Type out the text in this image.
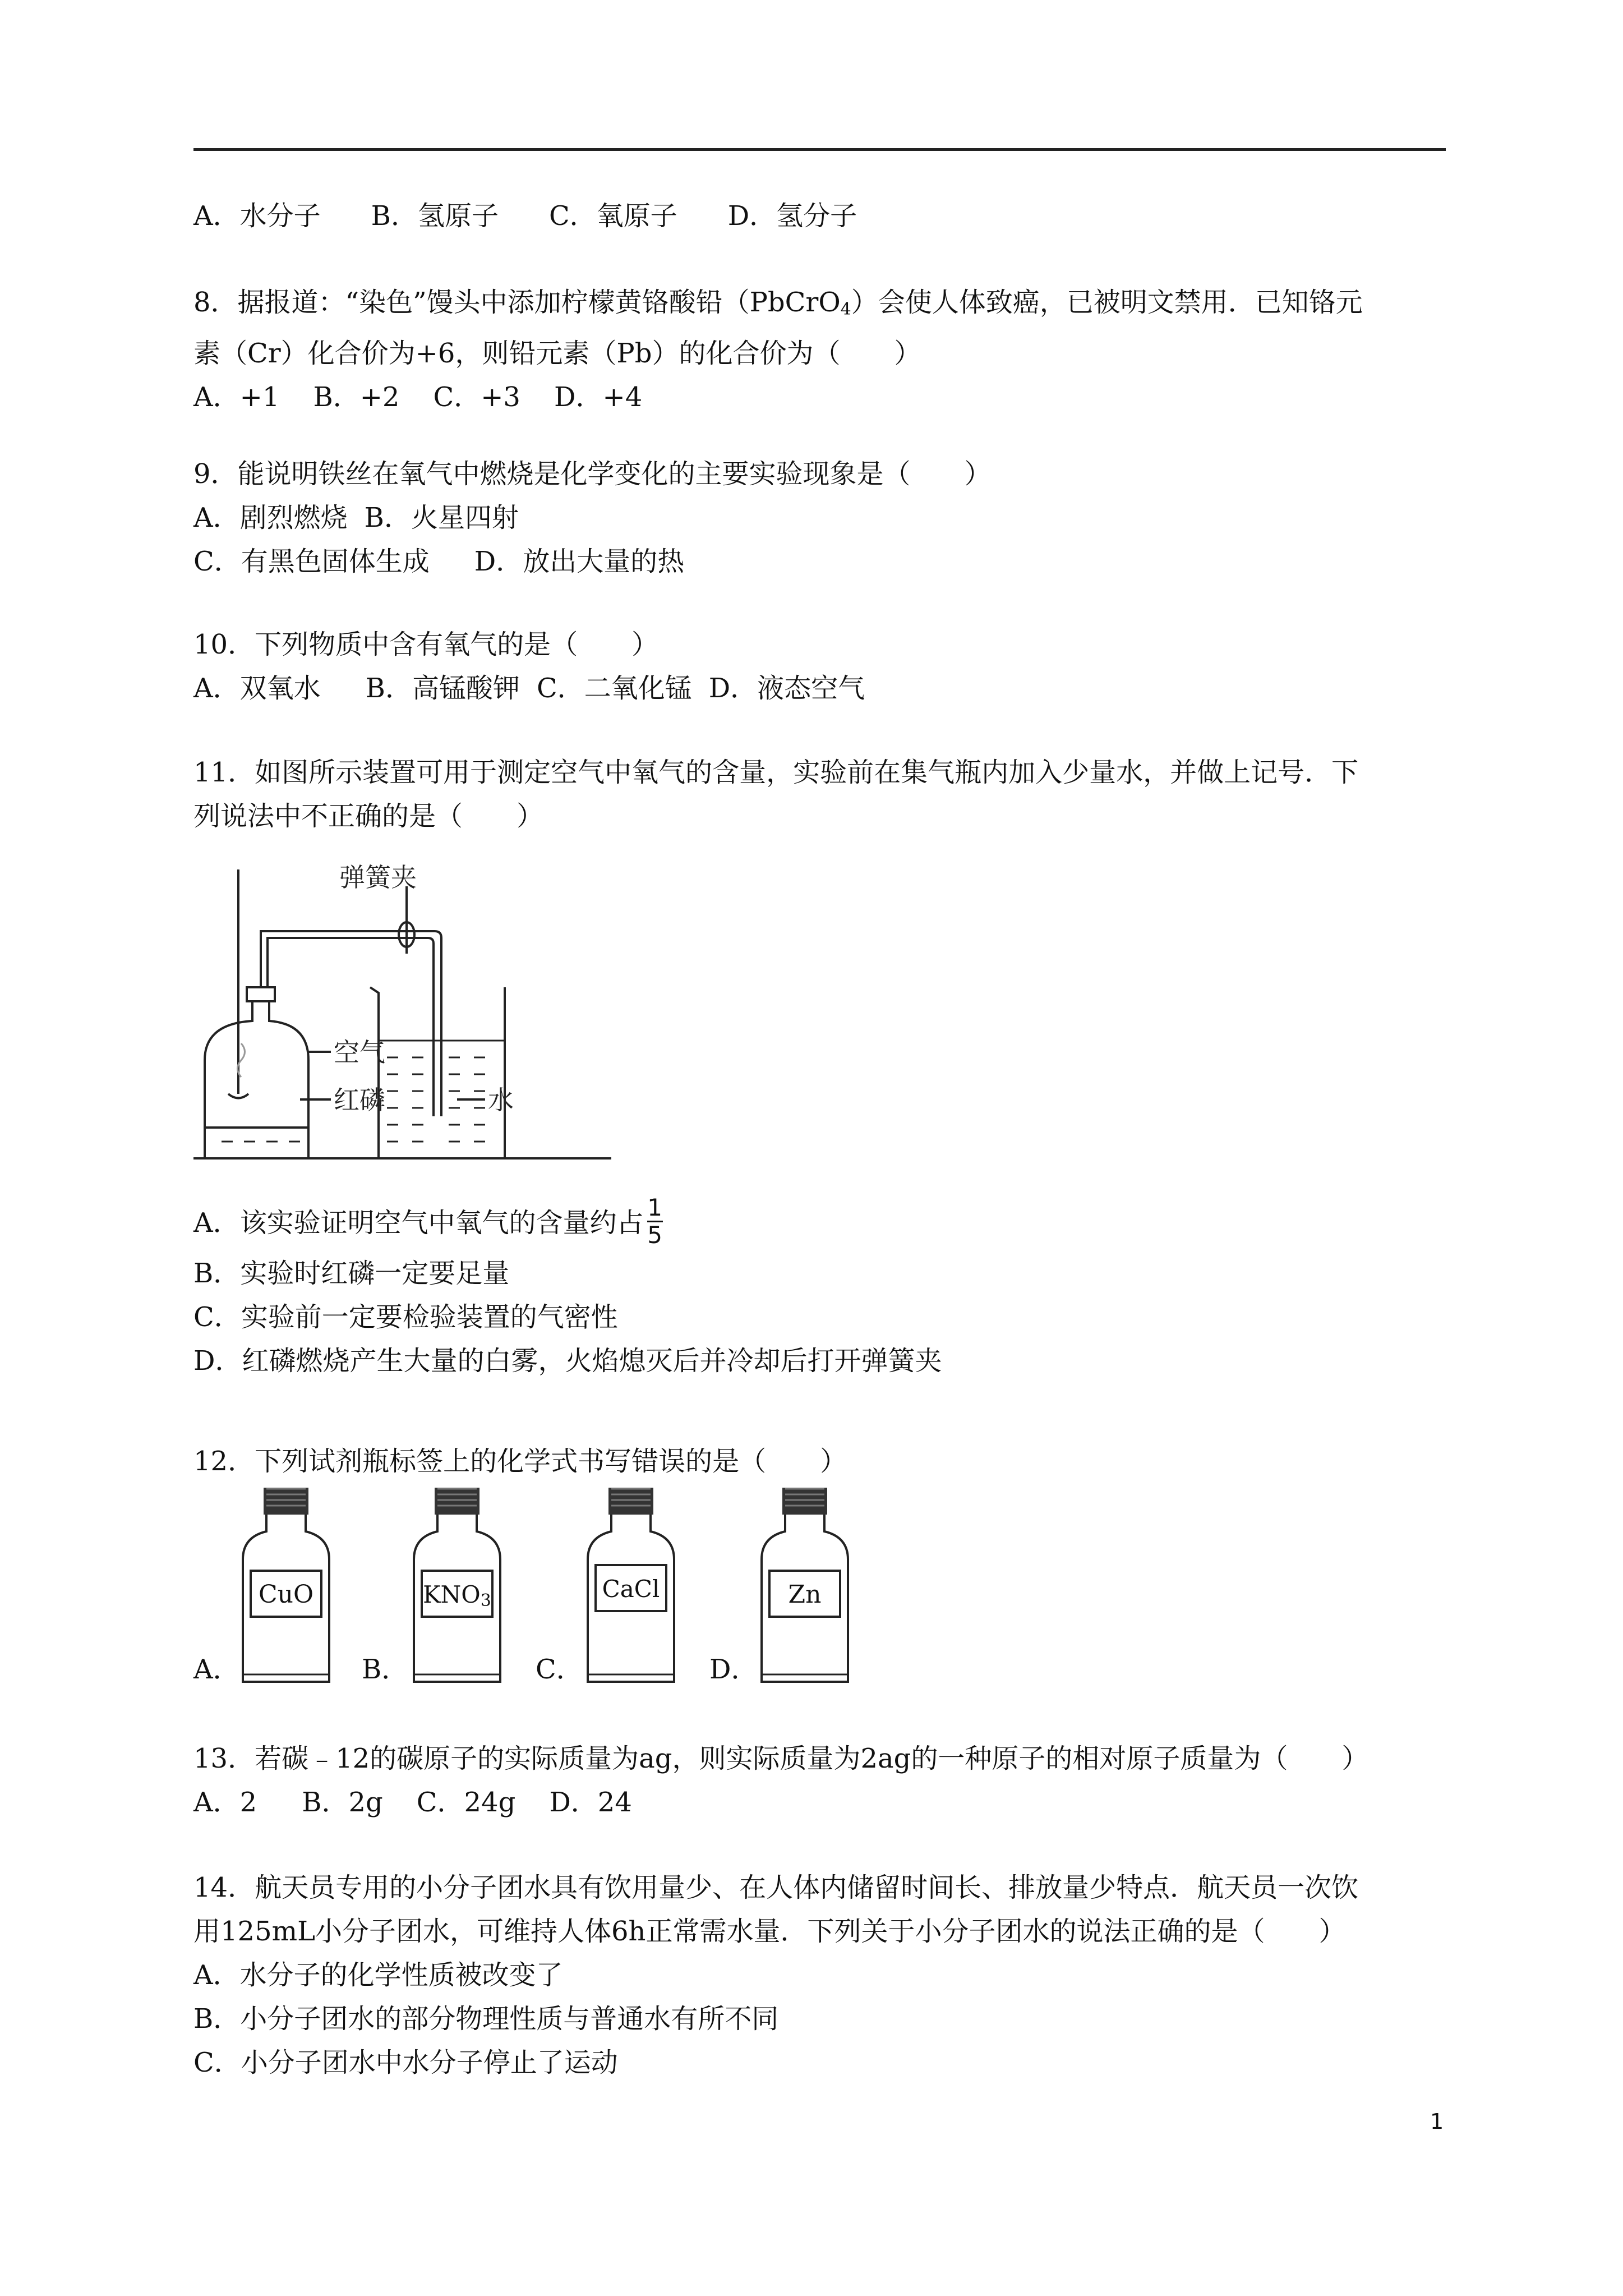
A．水分子 B．氢原子 C．氧原子 D．氢分子
8．据报道：“染色”馒头中添加柠檬黄铬酸铅（PbCrO$_4$）会使人体致癌，已被明文禁用．已知铬元
素（Cr）化合价为+6，则铅元素（Pb）的化合价为（　　）
A．+1 B．+2 C．+3 D．+4
9．能说明铁丝在氧气中燃烧是化学变化的主要实验现象是（　　）
A．剧烈燃烧 B．火星四射
C．有黑色固体生成 D．放出大量的热
10．下列物质中含有氧气的是（　　）
A．双氧水 B．高锰酸钾 C．二氧化锰 D．液态空气
11．如图所示装置可用于测定空气中氧气的含量，实验前在集气瓶内加入少量水，并做上记号．下
列说法中不正确的是（　　）
弹簧夹
空气
红磷	水
A．该实验证明空气中氧气的含量约占 $\frac{1}{5}$
B．实验时红磷一定要足量
C．实验前一定要检验装置的气密性
D．红磷燃烧产生大量的白雾，火焰熄灭后并冷却后打开弹簧夹
12．下列试剂瓶标签上的化学式书写错误的是（　　）
A．
CuO
B．
$KNO_3$
C．
CaCl
D．
Zn
13．若碳﹣12的碳原子的实际质量为ag，则实际质量为2ag的一种原子的相对原子质量为（　　）
A．2 B．2g C．24g D．24
14．航天员专用的小分子团水具有饮用量少、在人体内储留时间长、排放量少特点．航天员一次饮
用125mL小分子团水，可维持人体6h正常需水量．下列关于小分子团水的说法正确的是（　　）
A．水分子的化学性质被改变了
B．小分子团水的部分物理性质与普通水有所不同
C．小分子团水中水分子停止了运动
1
